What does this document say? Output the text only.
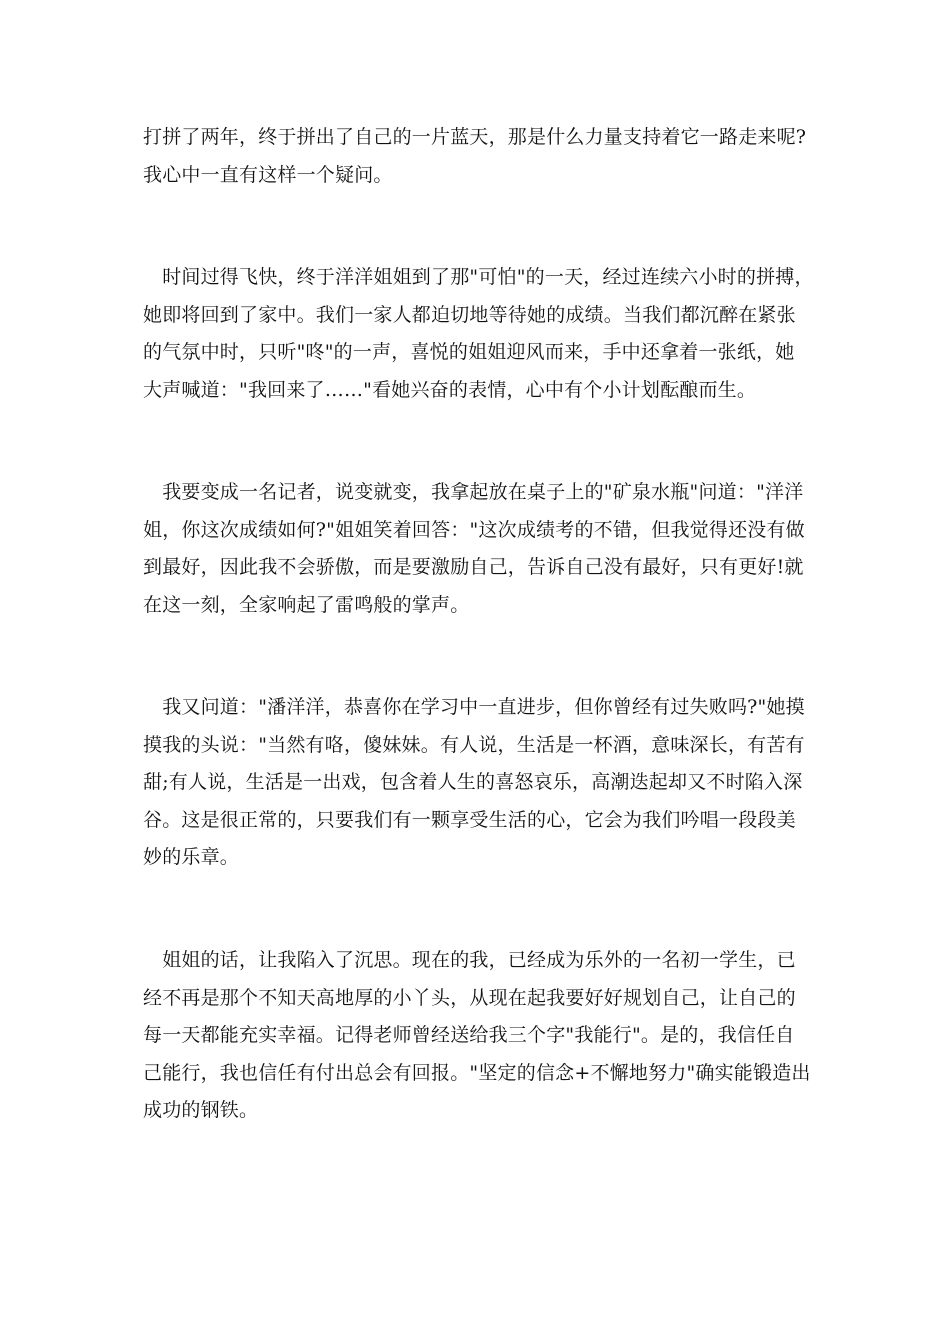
打拼了两年，终于拼出了自己的一片蓝天，那是什么力量支持着它一路走来呢?
我心中一直有这样一个疑问。
　时间过得飞快，终于洋洋姐姐到了那"可怕"的一天，经过连续六小时的拼搏，
她即将回到了家中。我们一家人都迫切地等待她的成绩。当我们都沉醉在紧张
的气氛中时，只听"咚"的一声，喜悦的姐姐迎风而来，手中还拿着一张纸，她
大声喊道："我回来了……"看她兴奋的表情，心中有个小计划酝酿而生。
　我要变成一名记者，说变就变，我拿起放在桌子上的"矿泉水瓶"问道："洋洋
姐，你这次成绩如何?"姐姐笑着回答："这次成绩考的不错，但我觉得还没有做
到最好，因此我不会骄傲，而是要激励自己，告诉自己没有最好，只有更好!就
在这一刻，全家响起了雷鸣般的掌声。
　我又问道："潘洋洋，恭喜你在学习中一直进步，但你曾经有过失败吗?"她摸
摸我的头说："当然有咯，傻妹妹。有人说，生活是一杯酒，意味深长，有苦有
甜;有人说，生活是一出戏，包含着人生的喜怒哀乐，高潮迭起却又不时陷入深
谷。这是很正常的，只要我们有一颗享受生活的心，它会为我们吟唱一段段美
妙的乐章。
　姐姐的话，让我陷入了沉思。现在的我，已经成为乐外的一名初一学生，已
经不再是那个不知天高地厚的小丫头，从现在起我要好好规划自己，让自己的
每一天都能充实幸福。记得老师曾经送给我三个字"我能行"。是的，我信任自
己能行，我也信任有付出总会有回报。"坚定的信念+不懈地努力"确实能锻造出
成功的钢铁。
